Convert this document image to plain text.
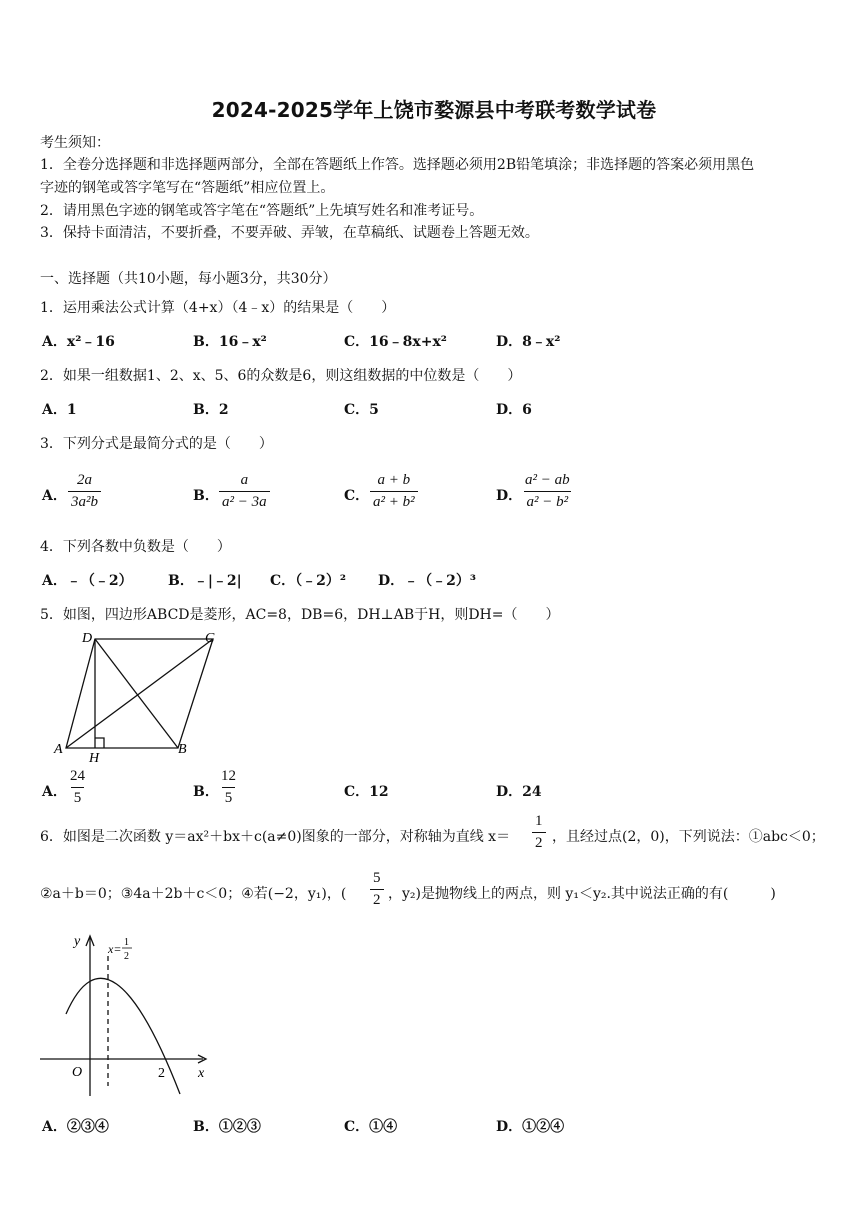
2024-2025学年上饶市婺源县中考联考数学试卷
考生须知：
1．全卷分选择题和非选择题两部分，全部在答题纸上作答。选择题必须用2B铅笔填涂；非选择题的答案必须用黑色
字迹的钢笔或答字笔写在“答题纸”相应位置上。
2．请用黑色字迹的钢笔或答字笔在“答题纸”上先填写姓名和准考证号。
3．保持卡面清洁，不要折叠，不要弄破、弄皱，在草稿纸、试题卷上答题无效。
一、选择题（共10小题，每小题3分，共30分）
1．运用乘法公式计算（4+x）（4﹣x）的结果是（　　）
A．x²﹣16	B．16﹣x²	C．16﹣8x+x²	D．8﹣x²
2．如果一组数据1、2、x、5、6的众数是6，则这组数据的中位数是（　　）
A．1	B．2	C．5	D．6
3．下列分式是最简分式的是（　　）
A． $\frac{2a}{\text{3a²b}}$	B． $\frac{a}{\text{a² − 3a}}$	C． $\frac{a + b}{\text{a² + b²}}$	D． $\frac{\text{a² − ab}}{\text{a² − b²}}$
4．下列各数中负数是（　　）
A．﹣（﹣2）	B．﹣|﹣2| C．（﹣2）² D．﹣（﹣2）³
5．如图，四边形ABCD是菱形，AC=8，DB=6，DH⊥AB于H，则DH=（　　）
D	C
A	B
H
A． $\frac{24}{5}$	B． $\frac{12}{5}$	C．12	D．24
6．如图是二次函数 y＝ax²＋bx＋c(a≠0)图象的一部分，对称轴为直线 $x= \frac{1}{2}$ ，且经过点(2，0)，下列说法：①abc＜0；
②a＋b＝0；③4a＋2b＋c＜0；④若(−2，y₁)，( $\frac{5}{2}$ ，y₂)是抛物线上的两点，则 y₁＜y₂.其中说法正确的有(　　　)
y
x
O	2
x= 1
2
A．②③④	B．①②③	C．①④	D．①②④
